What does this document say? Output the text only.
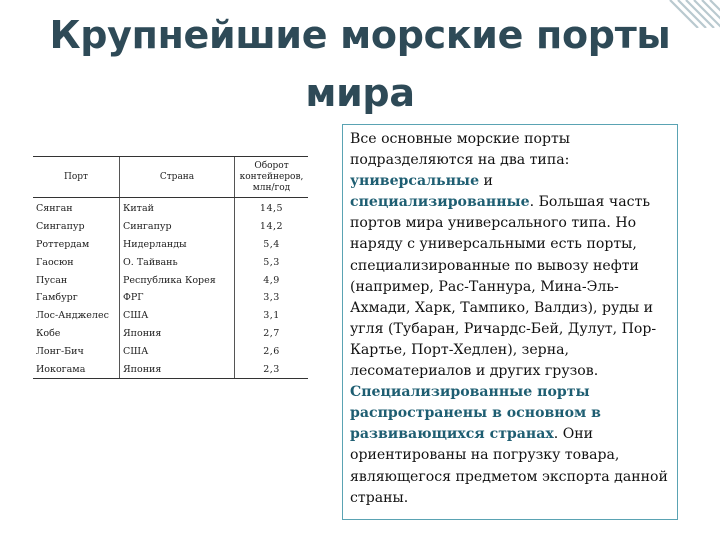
Крупнейшие морские порты
мира
Порт	Страна	Оборот
контейнеров,
млн/год
Сянган	Китай	14,5
Сингапур	Сингапур	14,2
Роттердам	Нидерланды	5,4
Гаосюн	О. Тайвань	5,3
Пусан	Республика Корея	4,9
Гамбург	ФРГ	3,3
Лос-Анджелес	США	3,1
Кобе	Япония	2,7
Лонг-Бич	США	2,6
Иокогама	Япония	2,3
Все основные морские порты подразделяются на два типа: универсальные и специализированные. Большая часть портов мира универсального типа. Но наряду с универсальными есть порты, специализированные по вывозу нефти (например, Рас-Таннура, Мина-Эль-Ахмади, Харк, Тампико, Валдиз), руды и угля (Тубаран, Ричардс-Бей, Дулут, Пор-Картье, Порт-Хедлен), зерна, лесоматериалов и других грузов. Специализированные порты распространены в основном в развивающихся странах. Они ориентированы на погрузку товара, являющегося предметом экспорта данной страны.
